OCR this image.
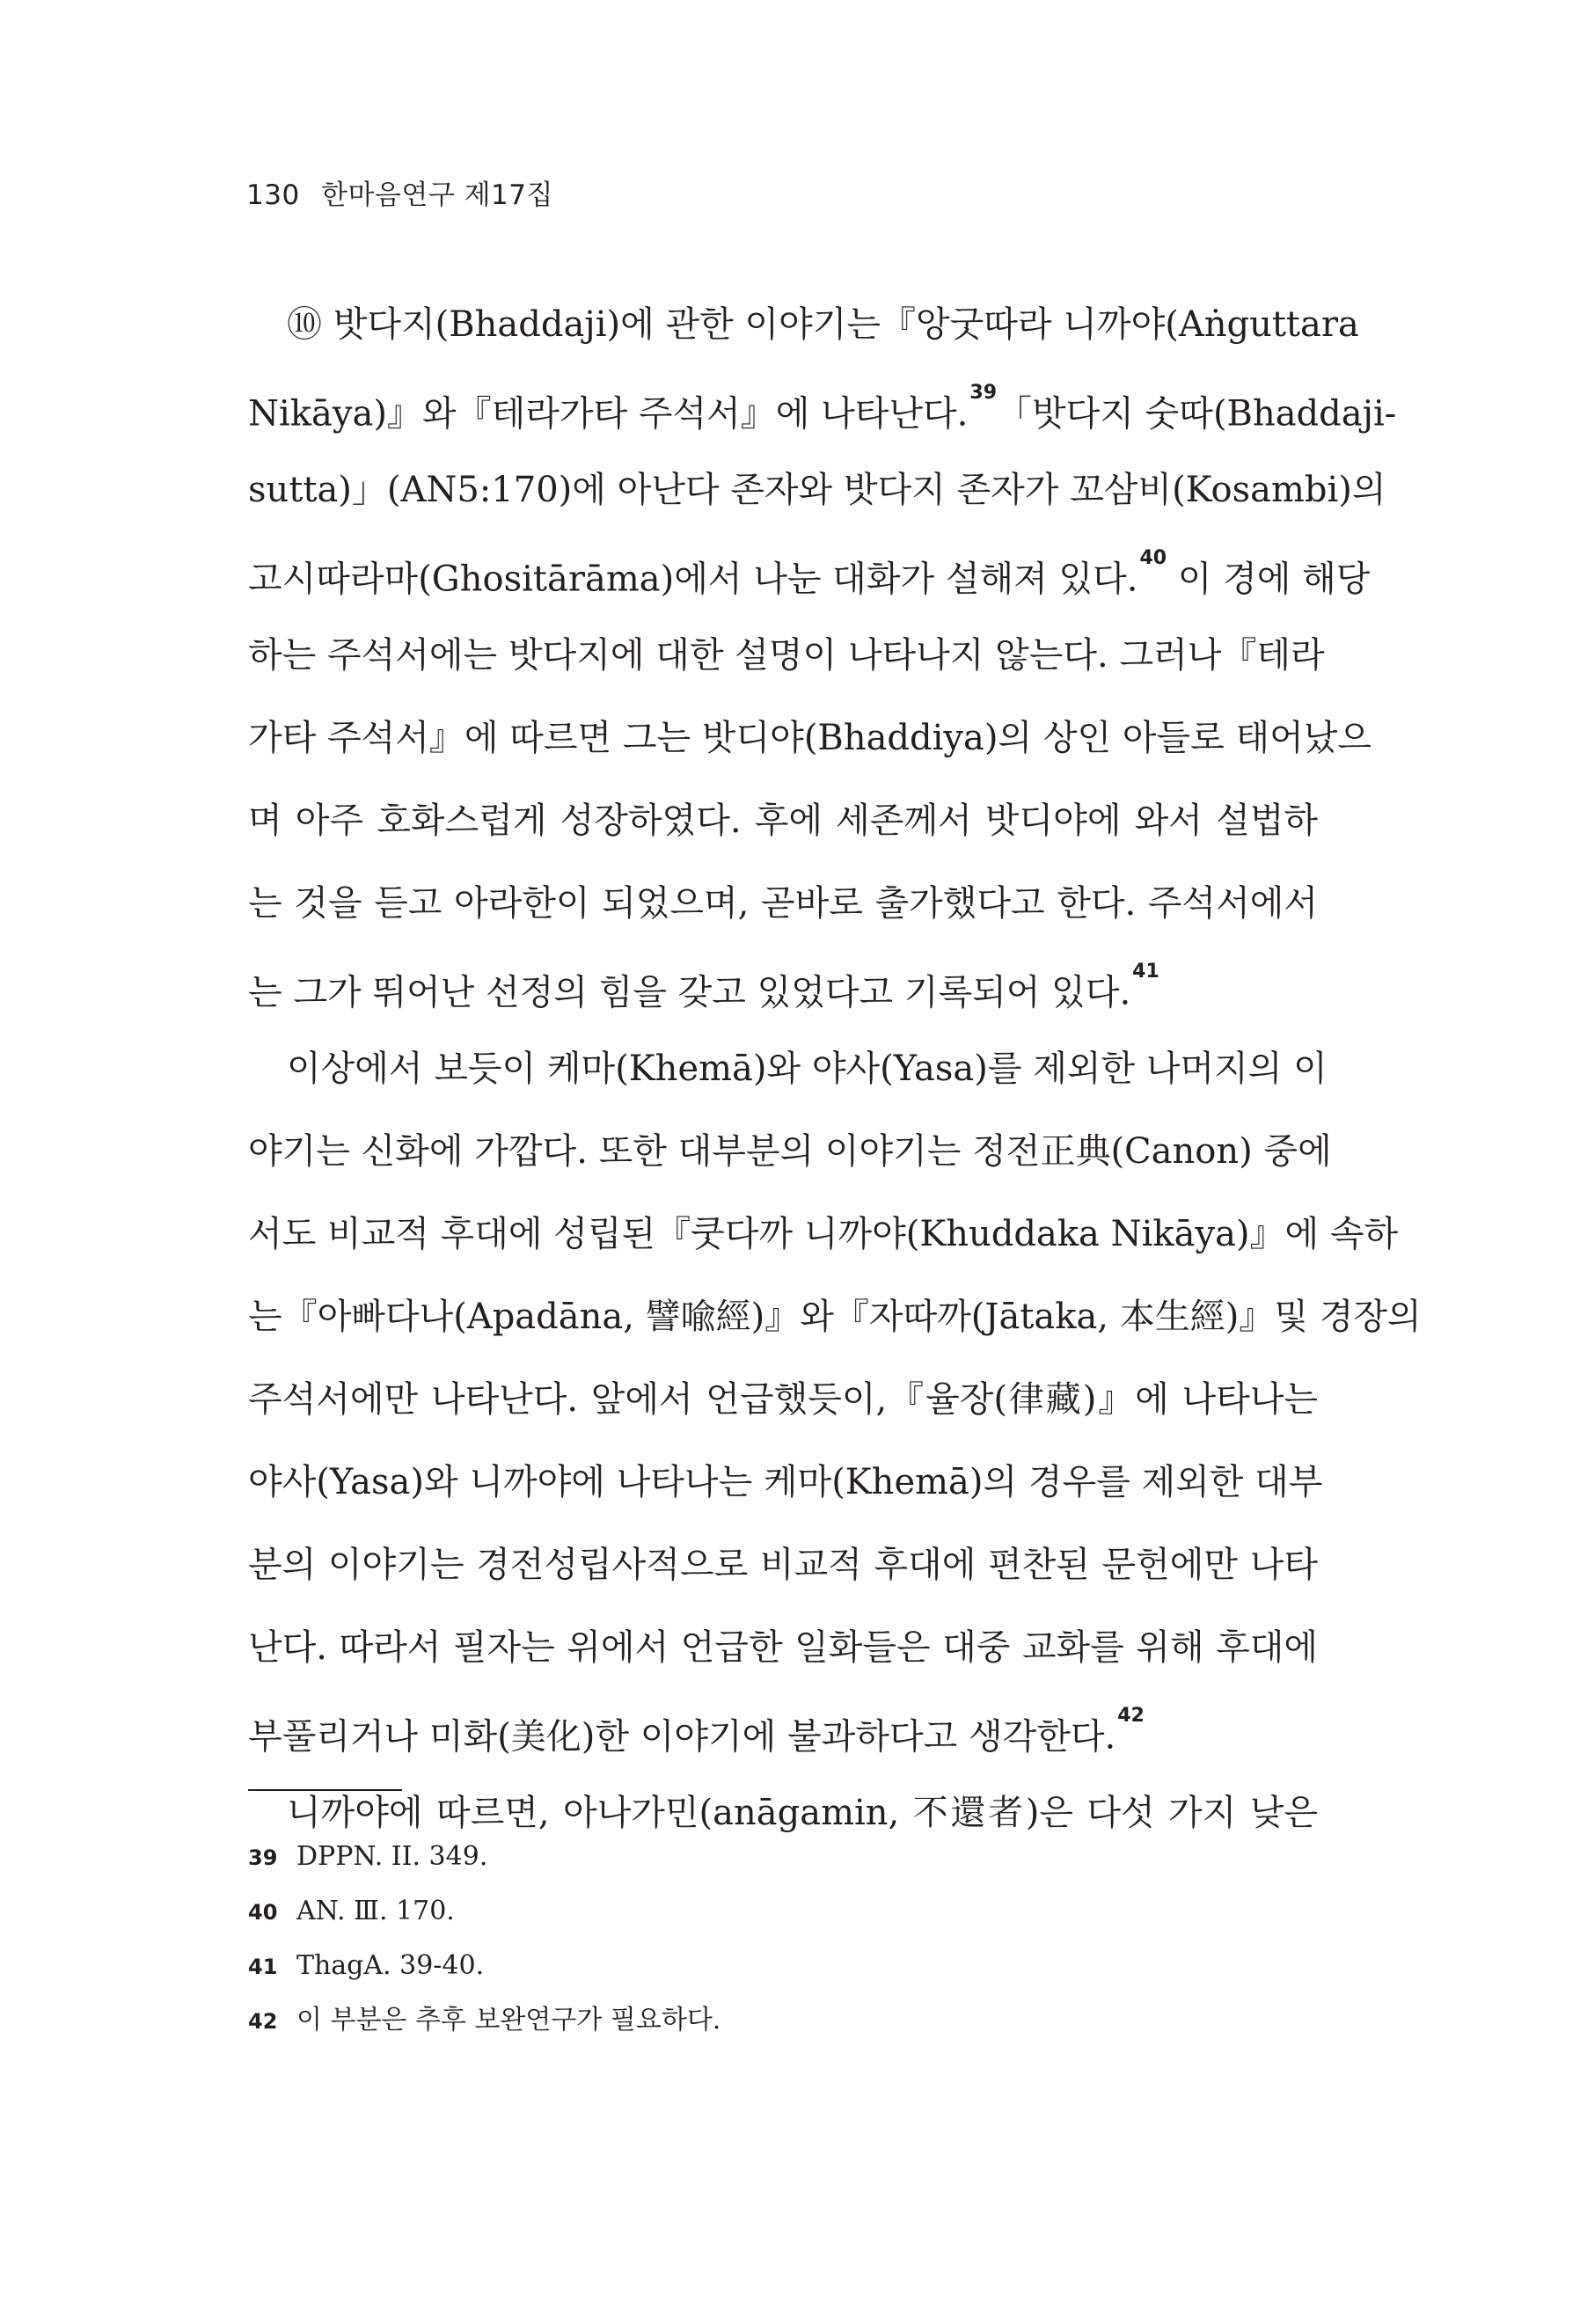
130 한마음연구 제17집
⑩ 밧다지(Bhaddaji)에 관한 이야기는『앙굿따라 니까야(Aṅguttara
Nikāya)』와『테라가타 주석서』에 나타난다.$^{39}$「밧다지 숫따(Bhaddaji-
sutta)」(AN5:170)에 아난다 존자와 밧다지 존자가 꼬삼비(Kosambi)의
고시따라마(Ghositārāma)에서 나눈 대화가 설해져 있다.$^{40}$ 이 경에 해당
하는 주석서에는 밧다지에 대한 설명이 나타나지 않는다. 그러나『테라
가타 주석서』에 따르면 그는 밧디야(Bhaddiya)의 상인 아들로 태어났으
며 아주 호화스럽게 성장하였다. 후에 세존께서 밧디야에 와서 설법하
는 것을 듣고 아라한이 되었으며, 곧바로 출가했다고 한다. 주석서에서
는 그가 뛰어난 선정의 힘을 갖고 있었다고 기록되어 있다.$^{41}$
이상에서 보듯이 케마(Khemā)와 야사(Yasa)를 제외한 나머지의 이
야기는 신화에 가깝다. 또한 대부분의 이야기는 정전正典(Canon) 중에
서도 비교적 후대에 성립된『쿳다까 니까야(Khuddaka Nikāya)』에 속하
는『아빠다나(Apadāna, 譬喩經)』와『자따까(Jātaka, 本生經)』및 경장의
주석서에만 나타난다. 앞에서 언급했듯이,『율장(律藏)』에 나타나는
야사(Yasa)와 니까야에 나타나는 케마(Khemā)의 경우를 제외한 대부
분의 이야기는 경전성립사적으로 비교적 후대에 편찬된 문헌에만 나타
난다. 따라서 필자는 위에서 언급한 일화들은 대중 교화를 위해 후대에
부풀리거나 미화(美化)한 이야기에 불과하다고 생각한다.$^{42}$
니까야에 따르면, 아나가민(anāgamin, 不還者)은 다섯 가지 낮은
39 DPPN. II. 349.
40 AN. Ⅲ. 170.
41 ThagA. 39-40.
42 이 부분은 추후 보완연구가 필요하다.
